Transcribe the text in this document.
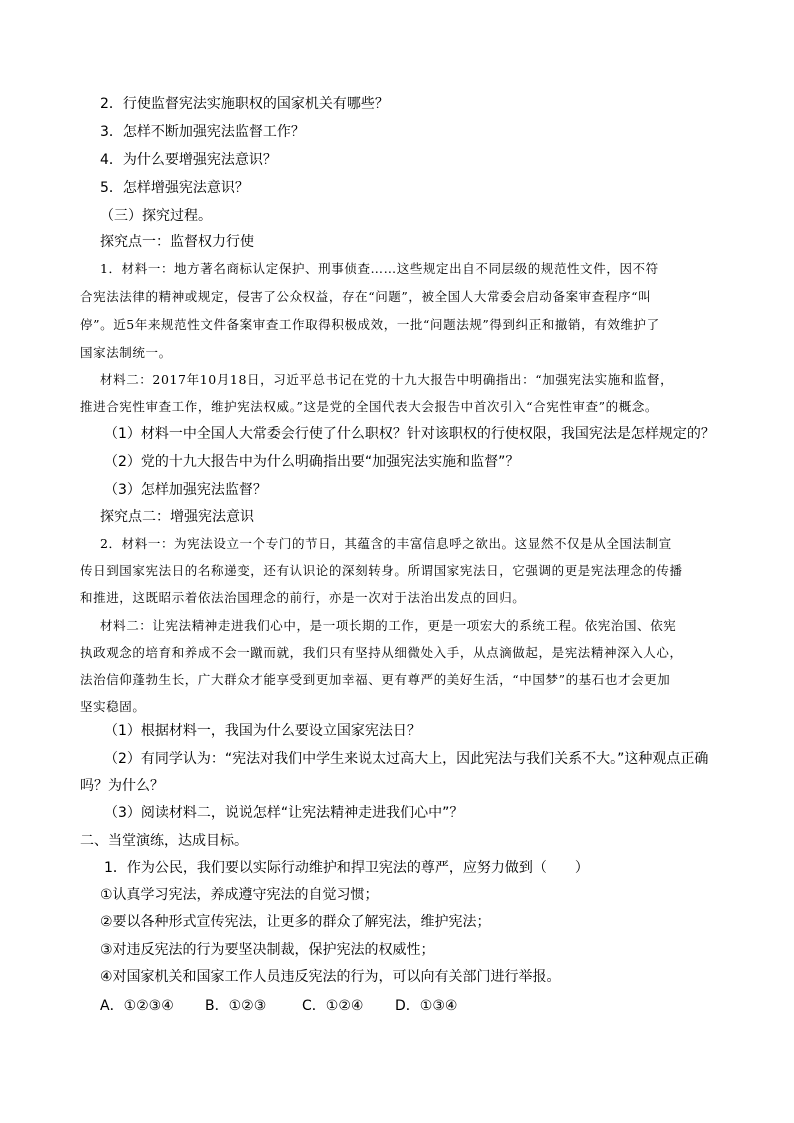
2．行使监督宪法实施职权的国家机关有哪些？
3．怎样不断加强宪法监督工作？
4．为什么要增强宪法意识？
5．怎样增强宪法意识？
（三）探究过程。
探究点一：监督权力行使
1．材料一：地方著名商标认定保护、刑事侦查……这些规定出自不同层级的规范性文件，因不符
合宪法法律的精神或规定，侵害了公众权益，存在“问题”，被全国人大常委会启动备案审查程序“叫
停”。近5年来规范性文件备案审查工作取得积极成效，一批“问题法规”得到纠正和撤销，有效维护了
国家法制统一。
材料二：2017年10月18日，习近平总书记在党的十九大报告中明确指出：“加强宪法实施和监督，
推进合宪性审查工作，维护宪法权威。”这是党的全国代表大会报告中首次引入“合宪性审查”的概念。
（1）材料一中全国人大常委会行使了什么职权？针对该职权的行使权限，我国宪法是怎样规定的？
（2）党的十九大报告中为什么明确指出要“加强宪法实施和监督”？
（3）怎样加强宪法监督？
探究点二：增强宪法意识
2．材料一：为宪法设立一个专门的节日，其蕴含的丰富信息呼之欲出。这显然不仅是从全国法制宣
传日到国家宪法日的名称递变，还有认识论的深刻转身。所谓国家宪法日，它强调的更是宪法理念的传播
和推进，这既昭示着依法治国理念的前行，亦是一次对于法治出发点的回归。
材料二：让宪法精神走进我们心中，是一项长期的工作，更是一项宏大的系统工程。依宪治国、依宪
执政观念的培育和养成不会一蹴而就，我们只有坚持从细微处入手，从点滴做起，是宪法精神深入人心，
法治信仰蓬勃生长，广大群众才能享受到更加幸福、更有尊严的美好生活，“中国梦”的基石也才会更加
坚实稳固。
（1）根据材料一，我国为什么要设立国家宪法日？
（2）有同学认为：“宪法对我们中学生来说太过高大上，因此宪法与我们关系不大。”这种观点正确
吗？为什么？
（3）阅读材料二，说说怎样“让宪法精神走进我们心中”？
二、当堂演练，达成目标。
1．作为公民，我们要以实际行动维护和捍卫宪法的尊严，应努力做到（　　）
①认真学习宪法，养成遵守宪法的自觉习惯；
②要以各种形式宣传宪法，让更多的群众了解宪法，维护宪法；
③对违反宪法的行为要坚决制裁，保护宪法的权威性；
④对国家机关和国家工作人员违反宪法的行为，可以向有关部门进行举报。
A．①②③④ B．①②③	C．①②④ D．①③④
